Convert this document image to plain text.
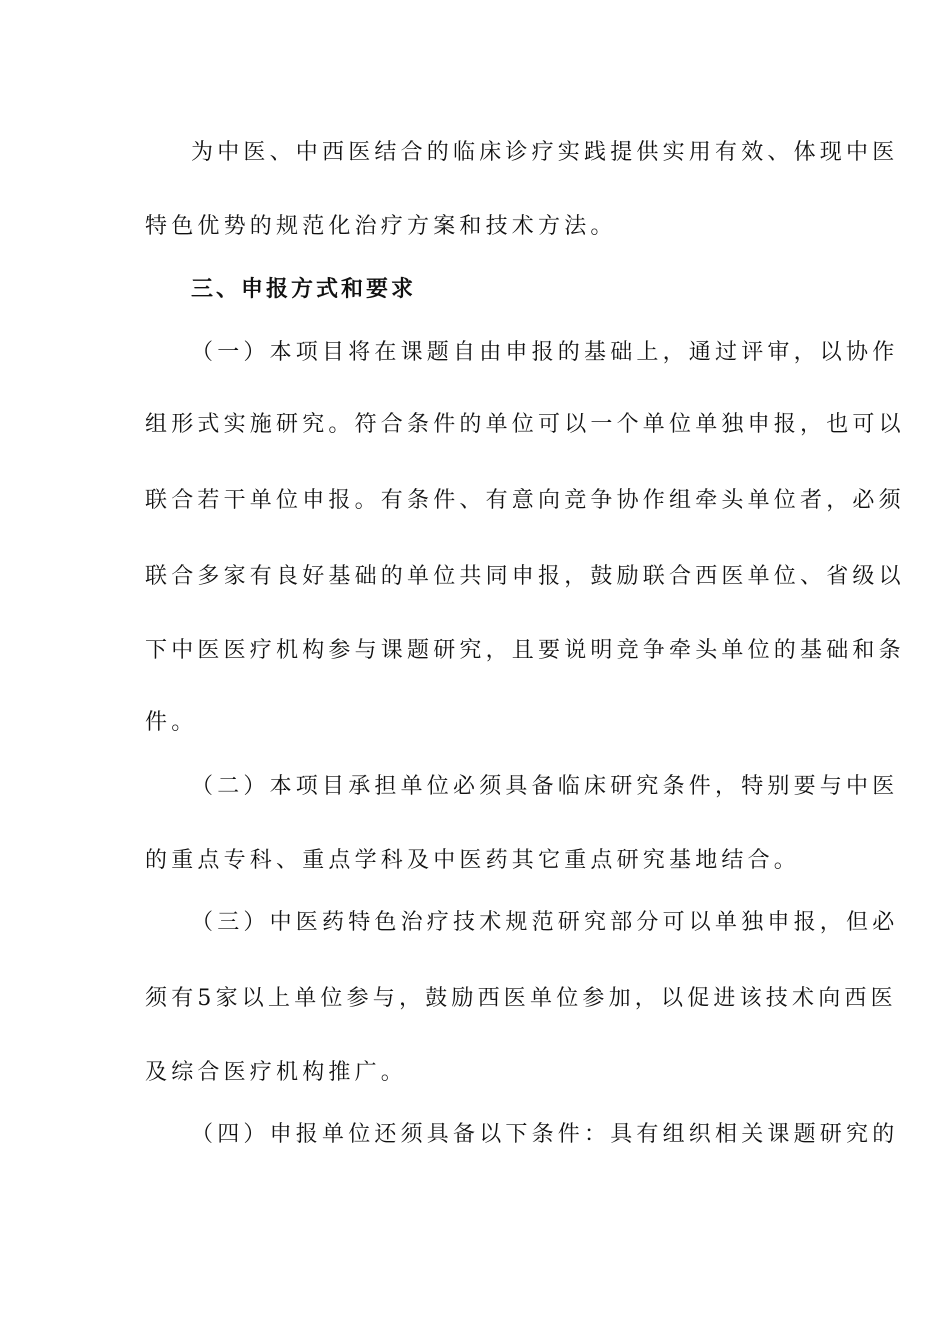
为中医、中西医结合的临床诊疗实践提供实用有效、体现中医
特色优势的规范化治疗方案和技术方法。
三、申报方式和要求
（一）本项目将在课题自由申报的基础上，通过评审，以协作
组形式实施研究。符合条件的单位可以一个单位单独申报，也可以
联合若干单位申报。有条件、有意向竞争协作组牵头单位者，必须
联合多家有良好基础的单位共同申报，鼓励联合西医单位、省级以
下中医医疗机构参与课题研究，且要说明竞争牵头单位的基础和条
件。
（二）本项目承担单位必须具备临床研究条件，特别要与中医
的重点专科、重点学科及中医药其它重点研究基地结合。
（三）中医药特色治疗技术规范研究部分可以单独申报，但必
须有5家以上单位参与，鼓励西医单位参加，以促进该技术向西医
及综合医疗机构推广。
（四）申报单位还须具备以下条件：具有组织相关课题研究的
